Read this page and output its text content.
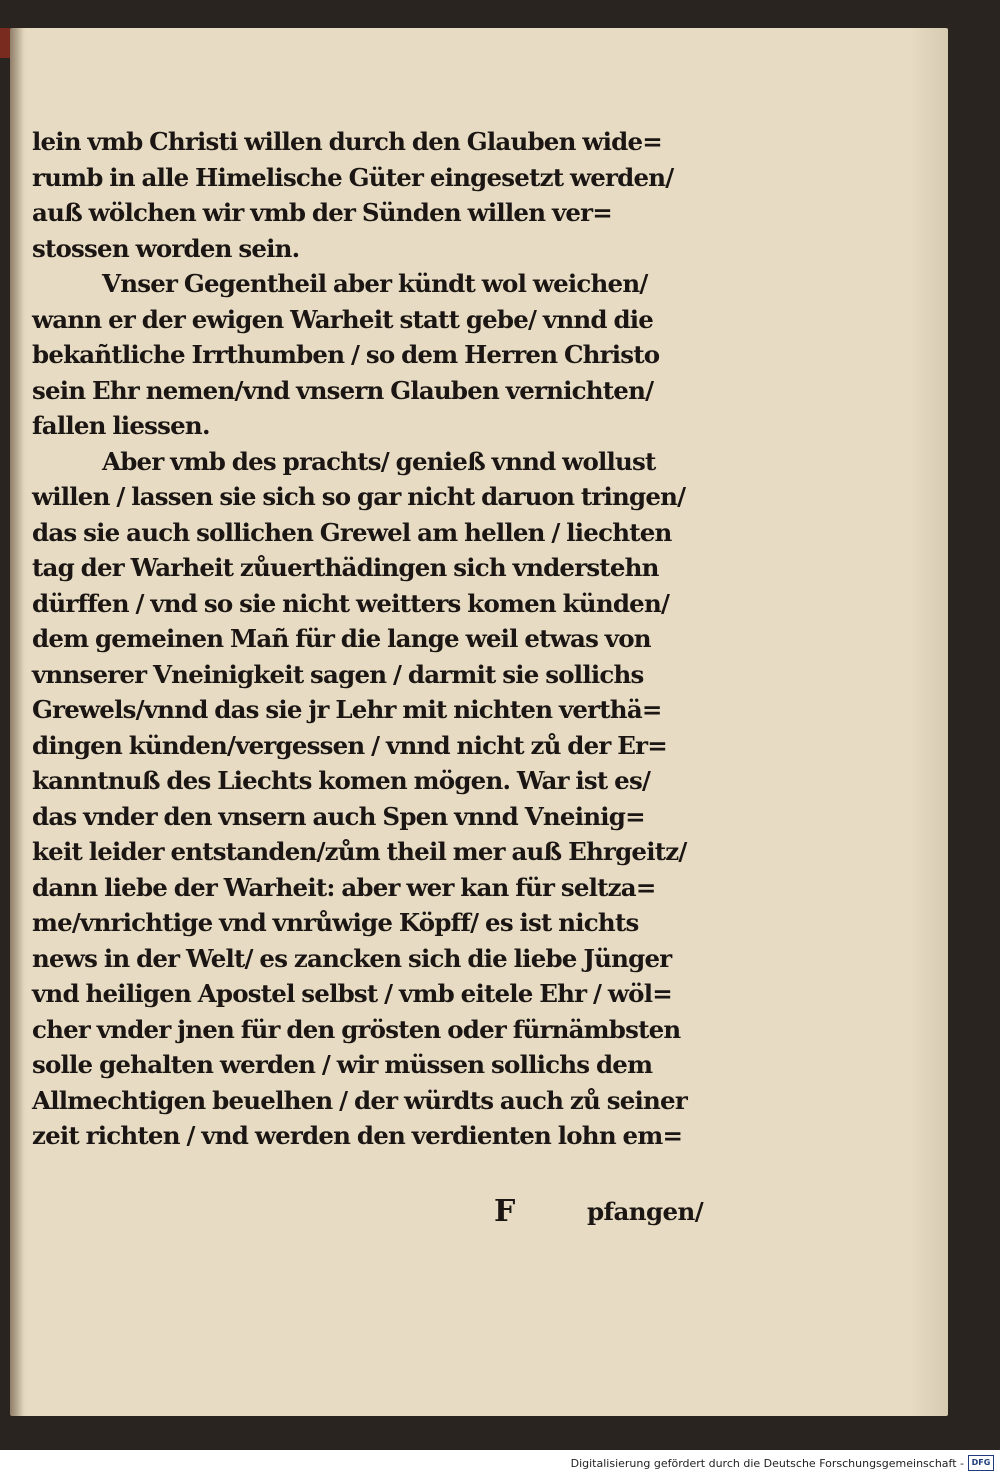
lein vmb Christi willen durch den Glauben wide=
rumb in alle Himelische Güter eingesetzt werden/
auß wölchen wir vmb der Sünden willen ver=
stossen worden sein.
Vnser Gegentheil aber kündt wol weichen/
wann er der ewigen Warheit statt gebe/ vnnd die
bekañtliche Irrthumben / so dem Herren Christo
sein Ehr nemen/vnd vnsern Glauben vernichten/
fallen liessen.
Aber vmb des prachts/ genieß vnnd wollust
willen / lassen sie sich so gar nicht daruon tringen/
das sie auch sollichen Grewel am hellen / liechten
tag der Warheit zůuerthädingen sich vnderstehn
dürffen / vnd so sie nicht weitters komen künden/
dem gemeinen Mañ für die lange weil etwas von
vnnserer Vneinigkeit sagen / darmit sie sollichs
Grewels/vnnd das sie jr Lehr mit nichten verthä=
dingen künden/vergessen / vnnd nicht zů der Er=
kanntnuß des Liechts komen mögen. War ist es/
das vnder den vnsern auch Spen vnnd Vneinig=
keit leider entstanden/zům theil mer auß Ehrgeitz/
dann liebe der Warheit: aber wer kan für seltza=
me/vnrichtige vnd vnrůwige Köpff/ es ist nichts
news in der Welt/ es zancken sich die liebe Jünger
vnd heiligen Apostel selbst / vmb eitele Ehr / wöl=
cher vnder jnen für den grösten oder fürnämbsten
solle gehalten werden / wir müssen sollichs dem
Allmechtigen beuelhen / der würdts auch zů seiner
zeit richten / vnd werden den verdienten lohn em=
F	pfangen/
Digitalisierung gefördert durch die Deutsche Forschungsgemeinschaft - DFG
